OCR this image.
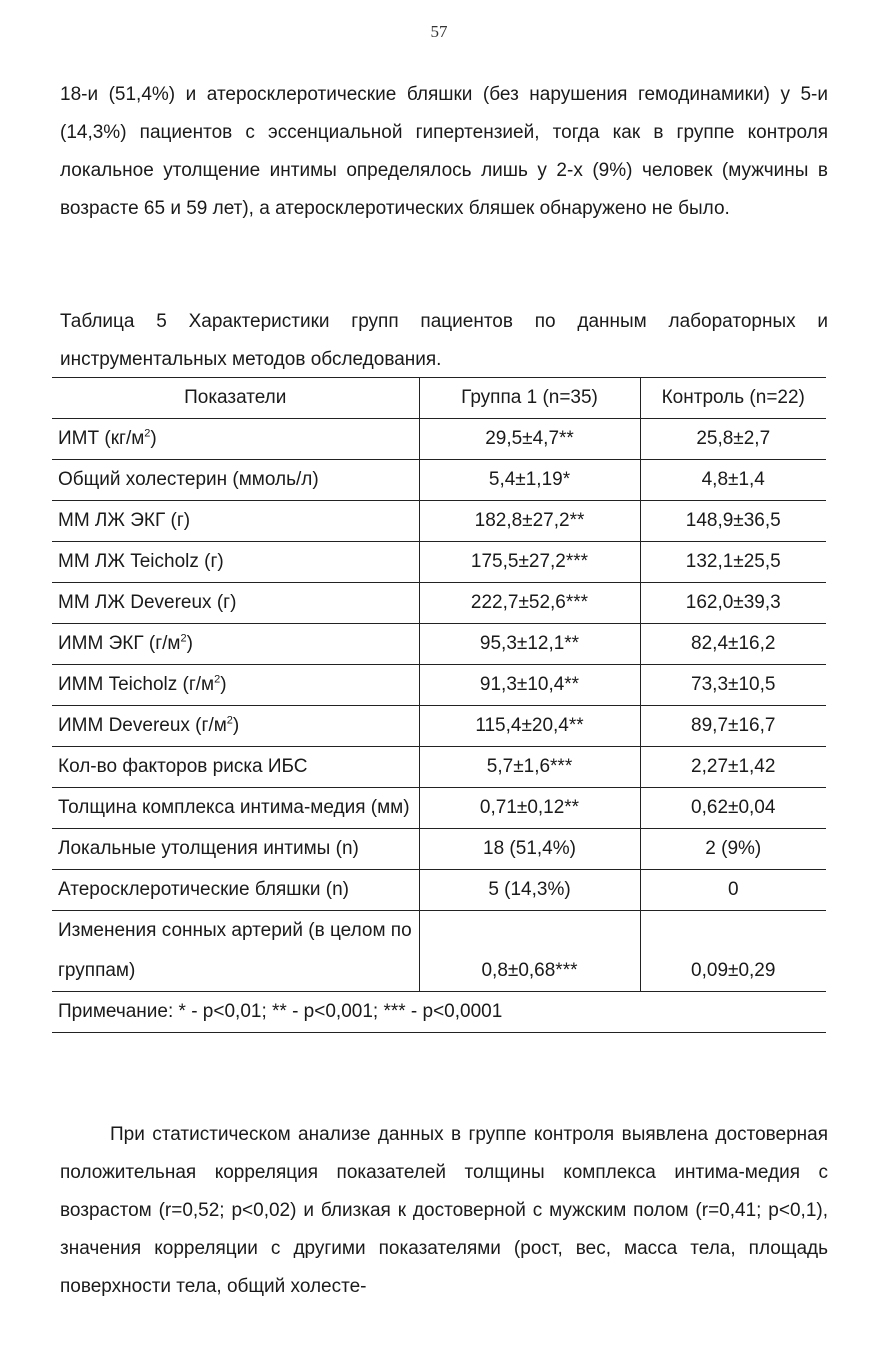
57

18-и (51,4%) и атеросклеротические бляшки (без нарушения гемодинамики) у 5-и (14,3%) пациентов с эссенциальной гипертензией, тогда как в группе контроля локальное утолщение интимы определялось лишь у 2-х (9%) человек (мужчины в возрасте 65 и 59 лет), а атеросклеротических бляшек обнаружено не было.

Таблица 5 Характеристики групп пациентов по данным лабораторных и инструментальных методов обследования.

Показатели	Группа 1 (n=35)	Контроль (n=22)
ИМТ $(кг/м^2)$	29,5±4,7**	25,8±2,7
Общий холестерин (ммоль/л)	5,4±1,19*	4,8±1,4
ММ ЛЖ ЭКГ (г)	182,8±27,2**	148,9±36,5
ММ ЛЖ Teicholz (г)	175,5±27,2***	132,1±25,5
ММ ЛЖ Devereux (г)	222,7±52,6***	162,0±39,3
ИММ ЭКГ $(г/м^2)$	95,3±12,1**	82,4±16,2
ИММ Teicholz $(г/м^2)$	91,3±10,4**	73,3±10,5
ИММ Devereux $(г/м^2)$	115,4±20,4**	89,7±16,7
Кол-во факторов риска ИБС	5,7±1,6***	2,27±1,42
Толщина комплекса интима-медия (мм)	0,71±0,12**	0,62±0,04
Локальные утолщения интимы (n)	18 (51,4%)	2 (9%)
Атеросклеротические бляшки (n)	5 (14,3%)	0
Изменения сонных артерий (в целом по группам)	0,8±0,68***	0,09±0,29
Примечание: * - p<0,01; ** - p<0,001; *** - p<0,0001		

При статистическом анализе данных в группе контроля выявлена достоверная положительная корреляция показателей толщины комплекса интима-медия с возрастом (r=0,52; p<0,02) и близкая к достоверной с мужским полом (r=0,41; p<0,1), значения корреляции с другими показателями (рост, вес, масса тела, площадь поверхности тела, общий холесте-
